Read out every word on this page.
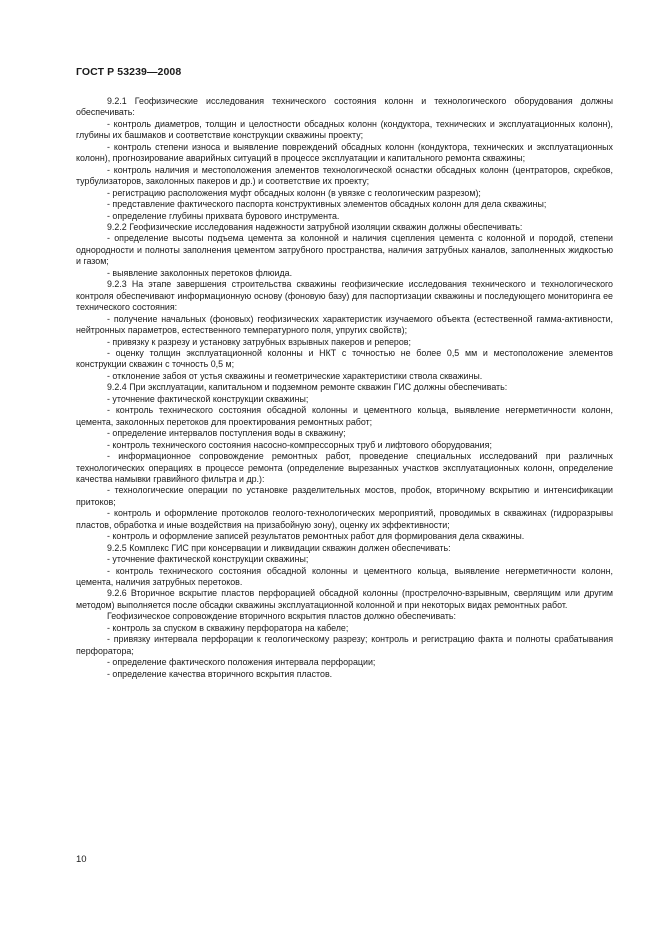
ГОСТ Р 53239—2008

9.2.1 Геофизические исследования технического состояния колонн и технологического оборудования должны обеспечивать:

- контроль диаметров, толщин и целостности обсадных колонн (кондуктора, технических и эксплуатационных колонн), глубины их башмаков и соответствие конструкции скважины проекту;

- контроль степени износа и выявление повреждений обсадных колонн (кондуктора, технических и эксплуатационных колонн), прогнозирование аварийных ситуаций в процессе эксплуатации и капитального ремонта скважины;

- контроль наличия и местоположения элементов технологической оснастки обсадных колонн (центраторов, скребков, турбулизаторов, заколонных пакеров и др.) и соответствие их проекту;

- регистрацию расположения муфт обсадных колонн (в увязке с геологическим разрезом);

- представление фактического паспорта конструктивных элементов обсадных колонн для дела скважины;

- определение глубины прихвата бурового инструмента.

9.2.2 Геофизические исследования надежности затрубной изоляции скважин должны обеспечивать:

- определение высоты подъема цемента за колонной и наличия сцепления цемента с колонной и породой, степени однородности и полноты заполнения цементом затрубного пространства, наличия затрубных каналов, заполненных жидкостью и газом;

- выявление заколонных перетоков флюида.

9.2.3 На этапе завершения строительства скважины геофизические исследования технического и технологического контроля обеспечивают информационную основу (фоновую базу) для паспортизации скважины и последующего мониторинга ее технического состояния:

- получение начальных (фоновых) геофизических характеристик изучаемого объекта (естественной гамма-активности, нейтронных параметров, естественного температурного поля, упругих свойств);

- привязку к разрезу и установку затрубных взрывных пакеров и реперов;

- оценку толщин эксплуатационной колонны и НКТ с точностью не более 0,5 мм и местоположение элементов конструкции скважин с точность 0,5 м;

- отклонение забоя от устья скважины и геометрические характеристики ствола скважины.

9.2.4 При эксплуатации, капитальном и подземном ремонте скважин ГИС должны обеспечивать:

- уточнение фактической конструкции скважины;

- контроль технического состояния обсадной колонны и цементного кольца, выявление негерметичности колонн, цемента, заколонных перетоков для проектирования ремонтных работ;

- определение интервалов поступления воды в скважину;

- контроль технического состояния насосно-компрессорных труб и лифтового оборудования;

- информационное сопровождение ремонтных работ, проведение специальных исследований при различных технологических операциях в процессе ремонта (определение вырезанных участков эксплуатационных колонн, определение качества намывки гравийного фильтра и др.):

- технологические операции по установке разделительных мостов, пробок, вторичному вскрытию и интенсификации притоков;

- контроль и оформление протоколов геолого-технологических мероприятий, проводимых в скважинах (гидроразрывы пластов, обработка и иные воздействия на призабойную зону), оценку их эффективности;

- контроль и оформление записей результатов ремонтных работ для формирования дела скважины.

9.2.5 Комплекс ГИС при консервации и ликвидации скважин должен обеспечивать:

- уточнение фактической конструкции скважины;

- контроль технического состояния обсадной колонны и цементного кольца, выявление негерметичности колонн, цемента, наличия затрубных перетоков.

9.2.6 Вторичное вскрытие пластов перфорацией обсадной колонны (прострелочно-взрывным, сверлящим или другим методом) выполняется после обсадки скважины эксплуатационной колонной и при некоторых видах ремонтных работ.

Геофизическое сопровождение вторичного вскрытия пластов должно обеспечивать:

- контроль за спуском в скважину перфоратора на кабеле;

- привязку интервала перфорации к геологическому разрезу; контроль и регистрацию факта и полноты срабатывания перфоратора;

- определение фактического положения интервала перфорации;

- определение качества вторичного вскрытия пластов.

10
